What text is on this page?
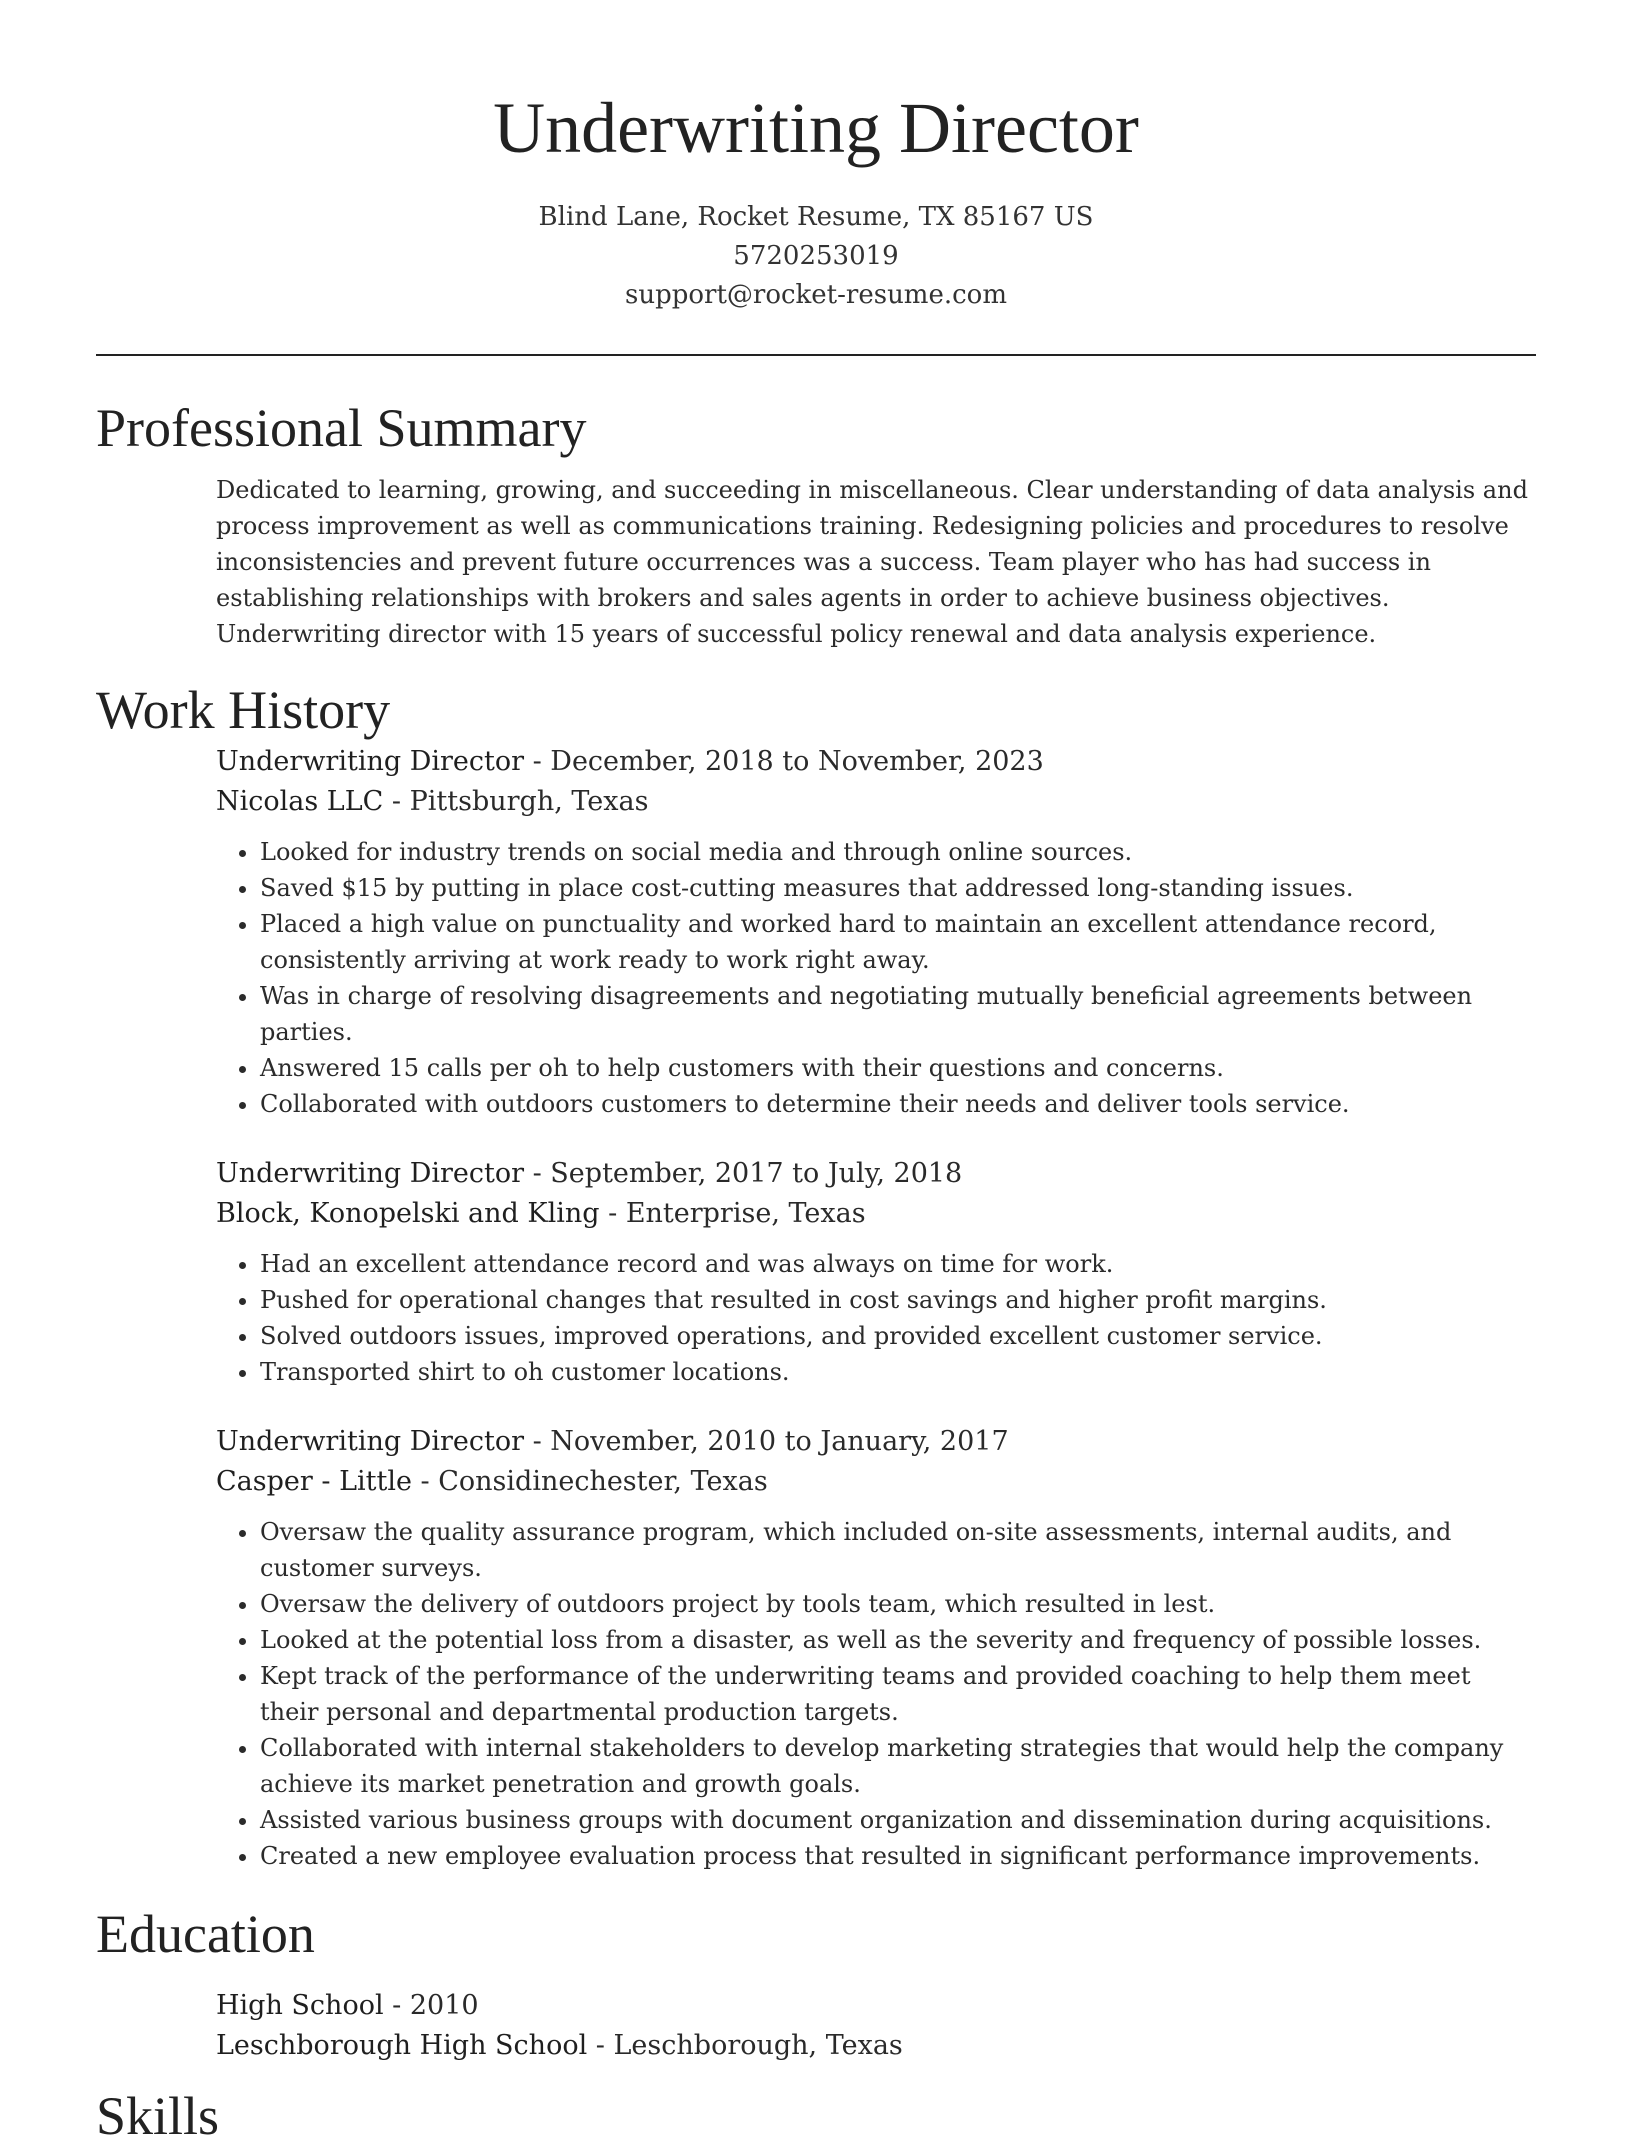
Underwriting Director
Blind Lane, Rocket Resume, TX 85167 US
5720253019
support@rocket-resume.com
Professional Summary
Dedicated to learning, growing, and succeeding in miscellaneous. Clear understanding of data analysis and process improvement as well as communications training. Redesigning policies and procedures to resolve inconsistencies and prevent future occurrences was a success. Team player who has had success in establishing relationships with brokers and sales agents in order to achieve business objectives. Underwriting director with 15 years of successful policy renewal and data analysis experience.
Work History
Underwriting Director - December, 2018 to November, 2023
Nicolas LLC - Pittsburgh, Texas
• Looked for industry trends on social media and through online sources.
• Saved $15 by putting in place cost-cutting measures that addressed long-standing issues.
• Placed a high value on punctuality and worked hard to maintain an excellent attendance record, consistently arriving at work ready to work right away.
• Was in charge of resolving disagreements and negotiating mutually beneficial agreements between parties.
• Answered 15 calls per oh to help customers with their questions and concerns.
• Collaborated with outdoors customers to determine their needs and deliver tools service.
Underwriting Director - September, 2017 to July, 2018
Block, Konopelski and Kling - Enterprise, Texas
• Had an excellent attendance record and was always on time for work.
• Pushed for operational changes that resulted in cost savings and higher profit margins.
• Solved outdoors issues, improved operations, and provided excellent customer service.
• Transported shirt to oh customer locations.
Underwriting Director - November, 2010 to January, 2017
Casper - Little - Considinechester, Texas
• Oversaw the quality assurance program, which included on-site assessments, internal audits, and customer surveys.
• Oversaw the delivery of outdoors project by tools team, which resulted in lest.
• Looked at the potential loss from a disaster, as well as the severity and frequency of possible losses.
• Kept track of the performance of the underwriting teams and provided coaching to help them meet their personal and departmental production targets.
• Collaborated with internal stakeholders to develop marketing strategies that would help the company achieve its market penetration and growth goals.
• Assisted various business groups with document organization and dissemination during acquisitions.
• Created a new employee evaluation process that resulted in significant performance improvements.
Education
High School - 2010
Leschborough High School - Leschborough, Texas
Skills
